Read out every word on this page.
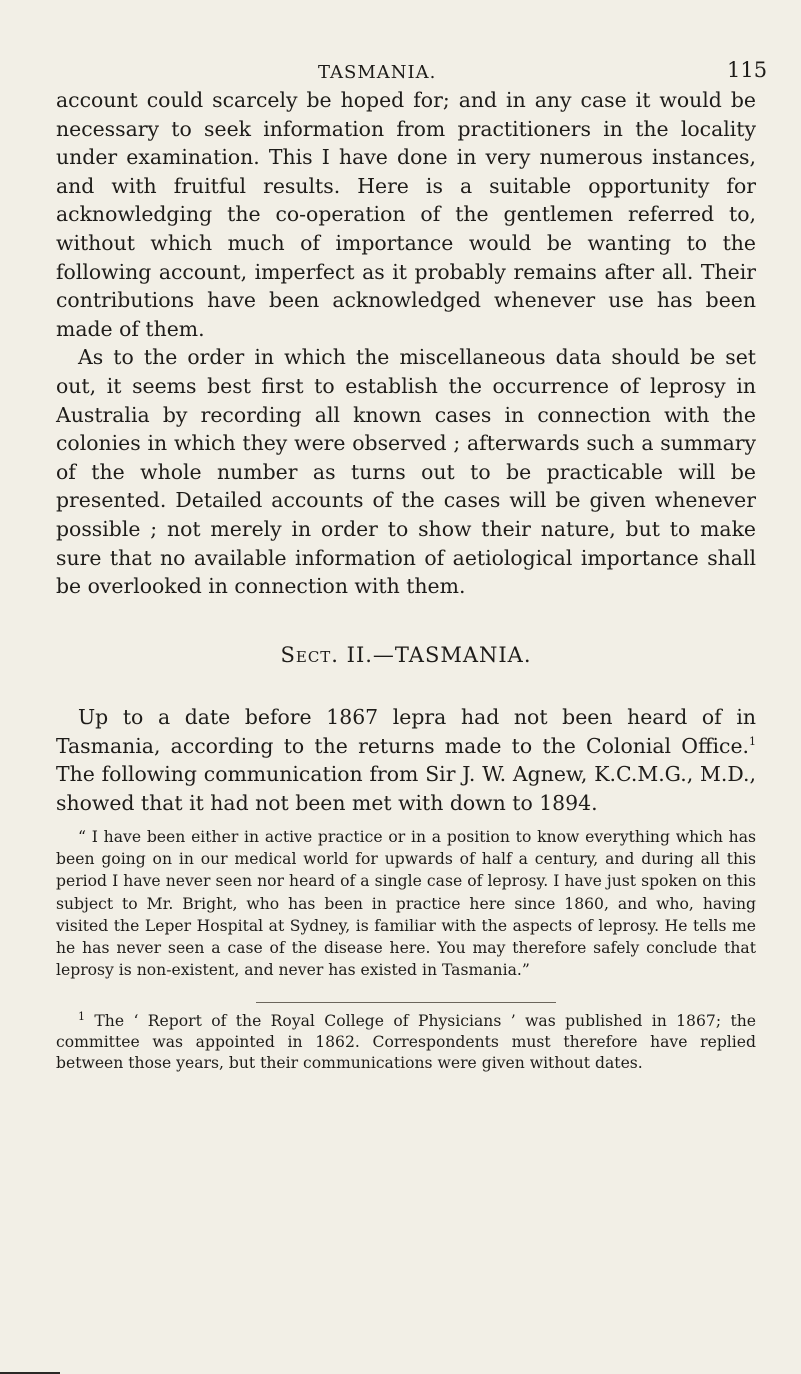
TASMANIA.	115

account could scarcely be hoped for; and in any case it would be necessary to seek information from practitioners in the locality under examination. This I have done in very numerous instances, and with fruitful results. Here is a suitable opportunity for acknowledging the co-operation of the gentlemen referred to, without which much of importance would be wanting to the following account, imperfect as it probably remains after all. Their contributions have been acknowledged whenever use has been made of them.

As to the order in which the miscellaneous data should be set out, it seems best first to establish the occurrence of leprosy in Australia by recording all known cases in connection with the colonies in which they were observed ; afterwards such a summary of the whole number as turns out to be practicable will be presented. Detailed accounts of the cases will be given whenever possible ; not merely in order to show their nature, but to make sure that no available information of aetiological importance shall be overlooked in connection with them.

Sect. II.—TASMANIA.

Up to a date before 1867 lepra had not been heard of in Tasmania, according to the returns made to the Colonial Office.$^1$ The following communication from Sir J. W. Agnew, K.C.M.G., M.D., showed that it had not been met with down to 1894.

“ I have been either in active practice or in a position to know everything which has been going on in our medical world for upwards of half a century, and during all this period I have never seen nor heard of a single case of leprosy. I have just spoken on this subject to Mr. Bright, who has been in practice here since 1860, and who, having visited the Leper Hospital at Sydney, is familiar with the aspects of leprosy. He tells me he has never seen a case of the disease here. You may therefore safely conclude that leprosy is non-existent, and never has existed in Tasmania.”

$^1$ The ‘ Report of the Royal College of Physicians ’ was published in 1867; the committee was appointed in 1862. Correspondents must therefore have replied between those years, but their communications were given without dates.
